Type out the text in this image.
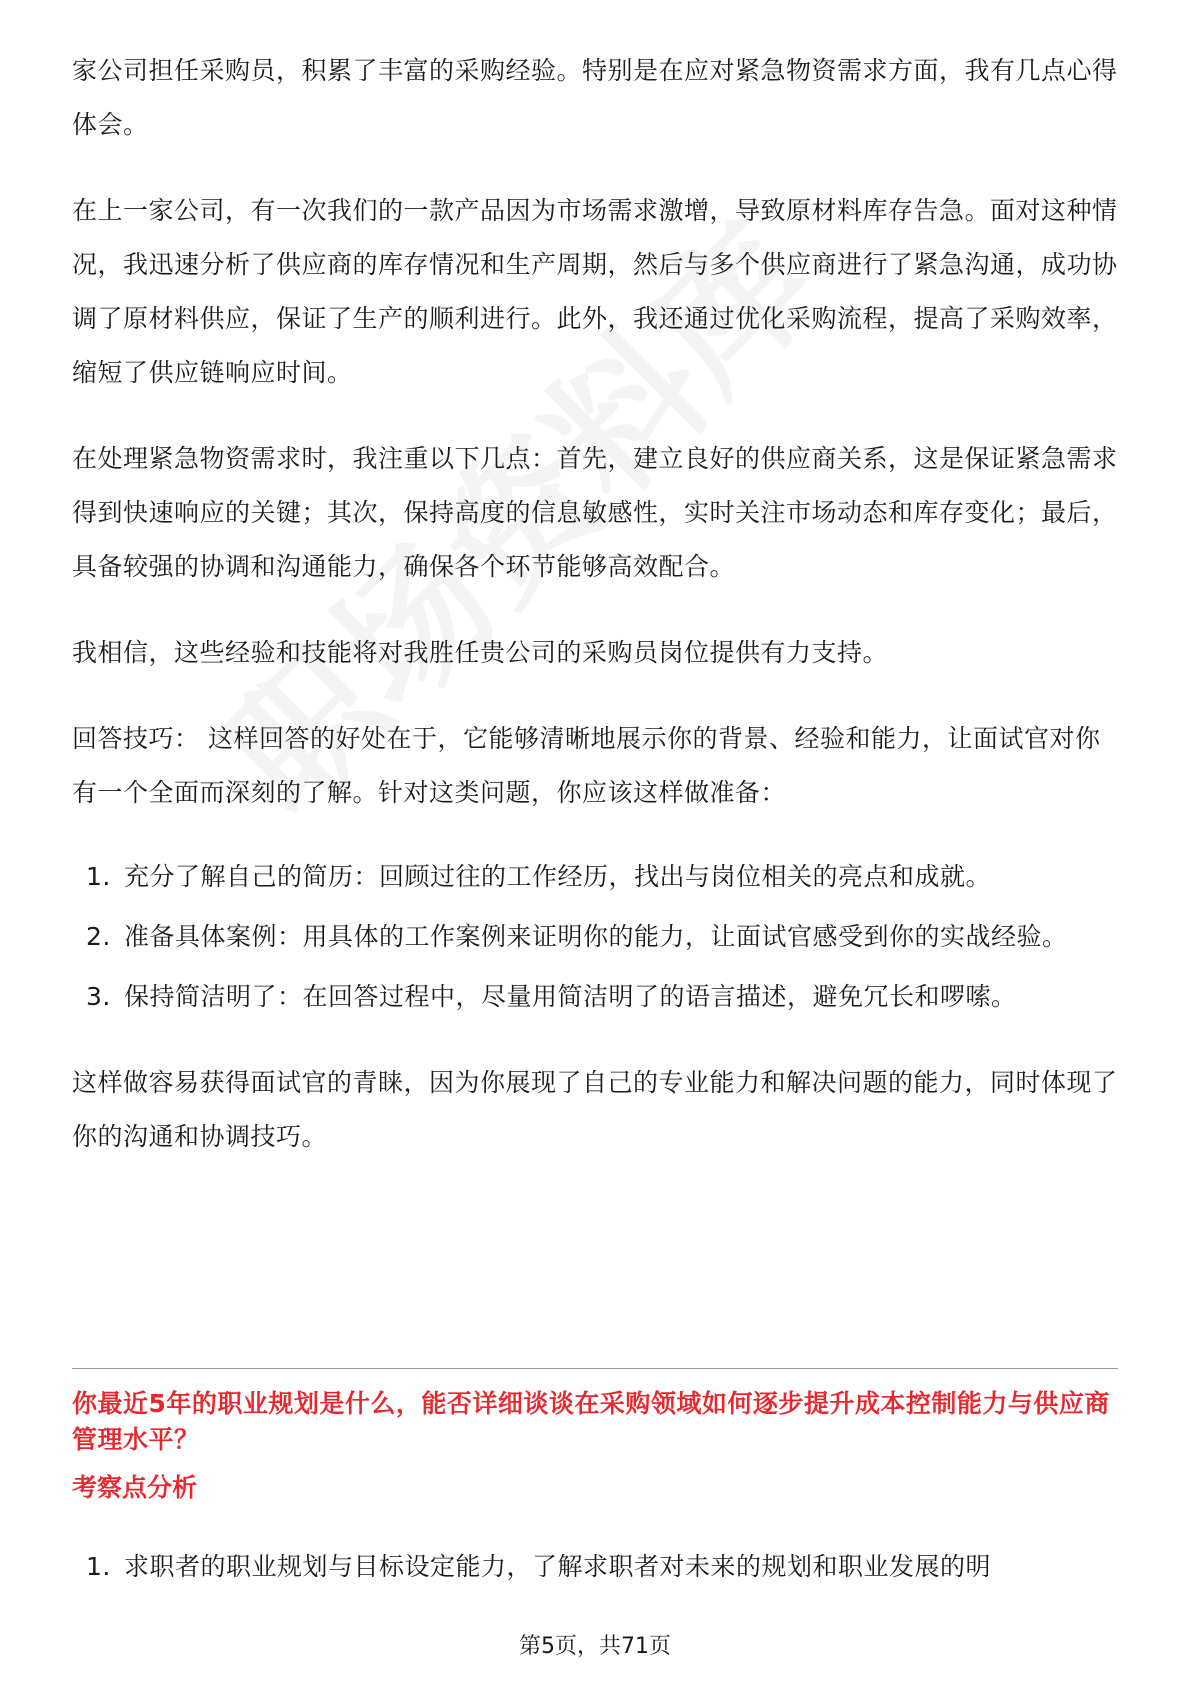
家公司担任采购员，积累了丰富的采购经验。特别是在应对紧急物资需求方面，我有几点心得体会。

在上一家公司，有一次我们的一款产品因为市场需求激增，导致原材料库存告急。面对这种情况，我迅速分析了供应商的库存情况和生产周期，然后与多个供应商进行了紧急沟通，成功协调了原材料供应，保证了生产的顺利进行。此外，我还通过优化采购流程，提高了采购效率，缩短了供应链响应时间。

在处理紧急物资需求时，我注重以下几点：首先，建立良好的供应商关系，这是保证紧急需求得到快速响应的关键；其次，保持高度的信息敏感性，实时关注市场动态和库存变化；最后，具备较强的协调和沟通能力，确保各个环节能够高效配合。

我相信，这些经验和技能将对我胜任贵公司的采购员岗位提供有力支持。

回答技巧： 这样回答的好处在于，它能够清晰地展示你的背景、经验和能力，让面试官对你有一个全面而深刻的了解。针对这类问题，你应该这样做准备：

1. 充分了解自己的简历：回顾过往的工作经历，找出与岗位相关的亮点和成就。
2. 准备具体案例：用具体的工作案例来证明你的能力，让面试官感受到你的实战经验。
3. 保持简洁明了：在回答过程中，尽量用简洁明了的语言描述，避免冗长和啰嗦。

这样做容易获得面试官的青睐，因为你展现了自己的专业能力和解决问题的能力，同时体现了你的沟通和协调技巧。

你最近5年的职业规划是什么，能否详细谈谈在采购领域如何逐步提升成本控制能力与供应商管理水平？
考察点分析
1. 求职者的职业规划与目标设定能力，了解求职者对未来的规划和职业发展的明
第5页，共71页
